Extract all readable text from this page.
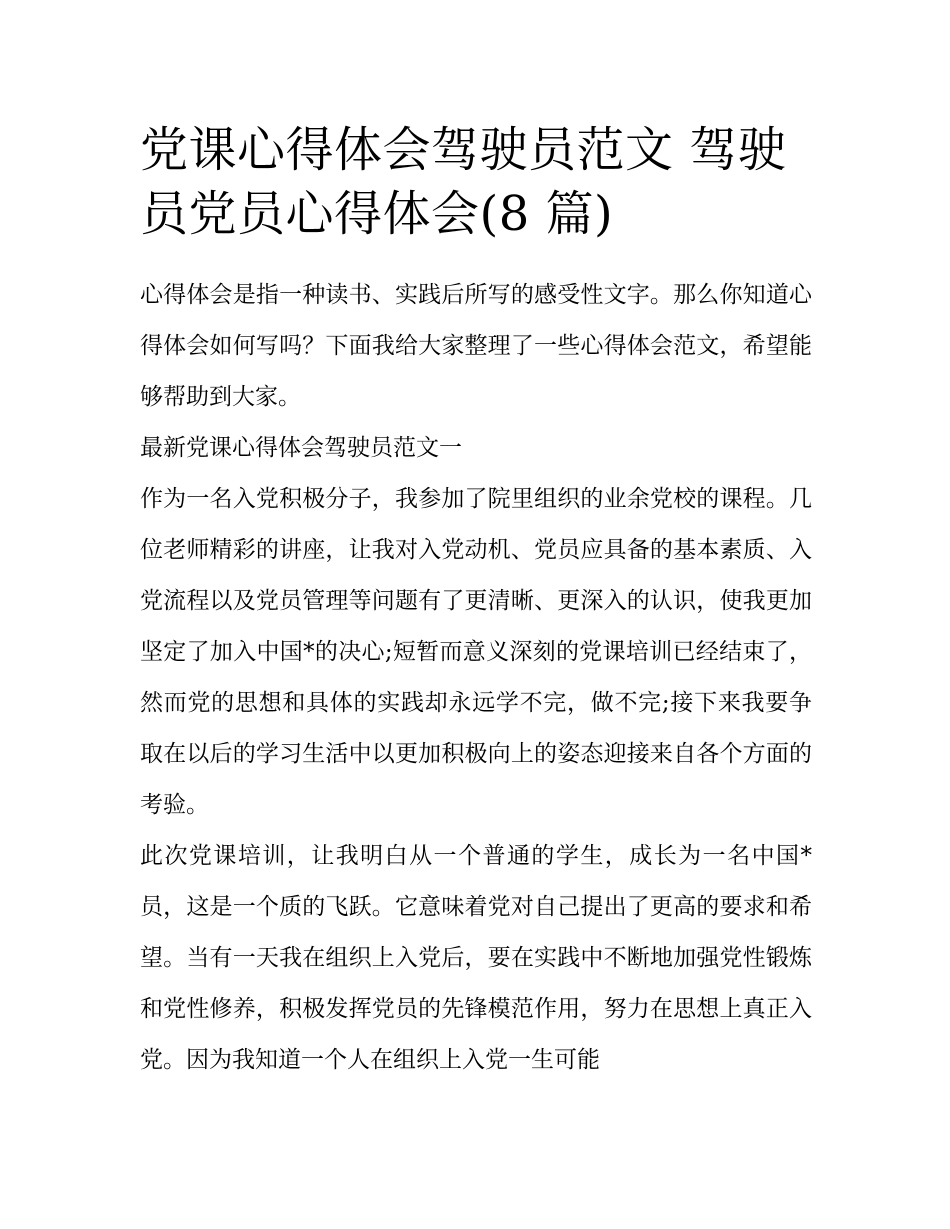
党课心得体会驾驶员范文 驾驶员党员心得体会(8 篇)

心得体会是指一种读书、实践后所写的感受性文字。那么你知道心得体会如何写吗？下面我给大家整理了一些心得体会范文，希望能够帮助到大家。

最新党课心得体会驾驶员范文一

作为一名入党积极分子，我参加了院里组织的业余党校的课程。几位老师精彩的讲座，让我对入党动机、党员应具备的基本素质、入党流程以及党员管理等问题有了更清晰、更深入的认识，使我更加坚定了加入中国*的决心;短暂而意义深刻的党课培训已经结束了，然而党的思想和具体的实践却永远学不完，做不完;接下来我要争取在以后的学习生活中以更加积极向上的姿态迎接来自各个方面的考验。

此次党课培训，让我明白从一个普通的学生，成长为一名中国*员，这是一个质的飞跃。它意味着党对自己提出了更高的要求和希望。当有一天我在组织上入党后，要在实践中不断地加强党性锻炼和党性修养，积极发挥党员的先锋模范作用，努力在思想上真正入党。因为我知道一个人在组织上入党一生可能
